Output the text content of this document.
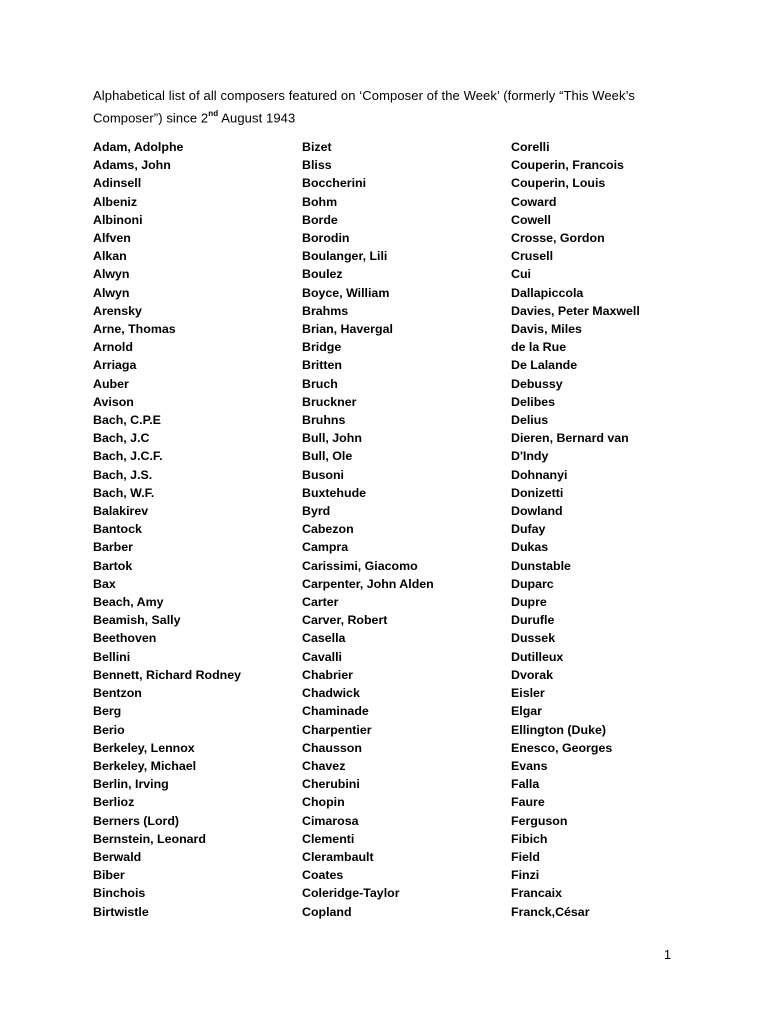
Alphabetical list of all composers featured on ‘Composer of the Week’ (formerly “This Week’s
Composer”) since 2nd August 1943
Adam, Adolphe
Adams, John
Adinsell
Albeniz
Albinoni
Alfven
Alkan
Alwyn
Alwyn
Arensky
Arne, Thomas
Arnold
Arriaga
Auber
Avison
Bach, C.P.E
Bach, J.C
Bach, J.C.F.
Bach, J.S.
Bach, W.F.
Balakirev
Bantock
Barber
Bartok
Bax
Beach, Amy
Beamish, Sally
Beethoven
Bellini
Bennett, Richard Rodney
Bentzon
Berg
Berio
Berkeley, Lennox
Berkeley, Michael
Berlin, Irving
Berlioz
Berners (Lord)
Bernstein, Leonard
Berwald
Biber
Binchois
Birtwistle
Bizet
Bliss
Boccherini
Bohm
Borde
Borodin
Boulanger, Lili
Boulez
Boyce, William
Brahms
Brian, Havergal
Bridge
Britten
Bruch
Bruckner
Bruhns
Bull, John
Bull, Ole
Busoni
Buxtehude
Byrd
Cabezon
Campra
Carissimi, Giacomo
Carpenter, John Alden
Carter
Carver, Robert
Casella
Cavalli
Chabrier
Chadwick
Chaminade
Charpentier
Chausson
Chavez
Cherubini
Chopin
Cimarosa
Clementi
Clerambault
Coates
Coleridge-Taylor
Copland
Corelli
Couperin, Francois
Couperin, Louis
Coward
Cowell
Crosse, Gordon
Crusell
Cui
Dallapiccola
Davies, Peter Maxwell
Davis, Miles
de la Rue
De Lalande
Debussy
Delibes
Delius
Dieren, Bernard van
D'Indy
Dohnanyi
Donizetti
Dowland
Dufay
Dukas
Dunstable
Duparc
Dupre
Durufle
Dussek
Dutilleux
Dvorak
Eisler
Elgar
Ellington (Duke)
Enesco, Georges
Evans
Falla
Faure
Ferguson
Fibich
Field
Finzi
Francaix
Franck,César
1
